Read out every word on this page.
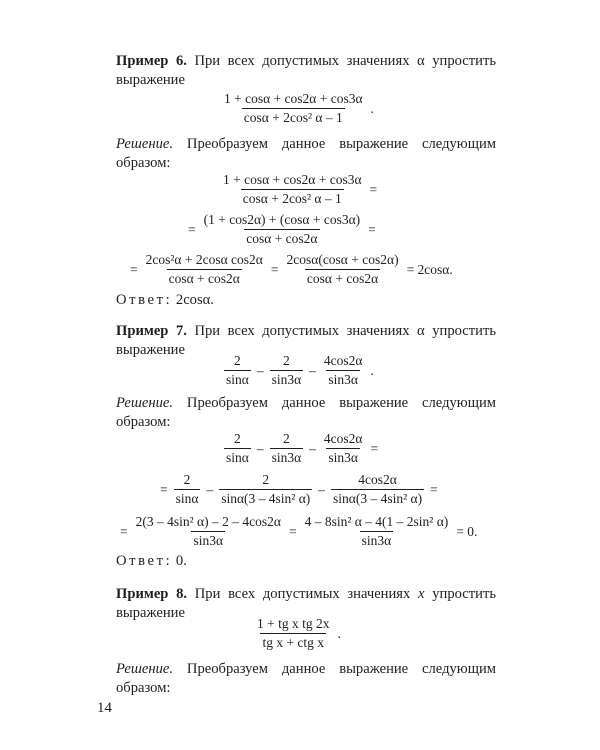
Пример 6. При всех допустимых значениях α упростить выражение
$\frac{1 + \cos\alpha + \cos 2\alpha + \cos 3\alpha}{\text{cosα + 2cos² α – 1}}$ .
Решение. Преобразуем данное выражение следующим образом:
$\frac{1 + \cos\alpha + \cos 2\alpha + \cos 3\alpha}{\text{cosα + 2cos² α – 1}}$ =
= $\frac{(1 + \cos 2\alpha) + (\cos\alpha + \cos 3\alpha)}{\cos\alpha + \cos 2\alpha}$ =
= $\frac{\text{2cos²α + 2cosα cos2α}}{\cos\alpha + \cos 2\alpha} = \frac{2\cos\alpha(\cos\alpha + \cos 2\alpha)}{\cos\alpha + \cos 2\alpha} = 2\cos\alpha$.
Ответ: 2cosα.
Пример 7. При всех допустимых значениях α упростить выражение
$\frac{2}{\sin\alpha} - \frac{2}{\sin 3\alpha} - \frac{4\cos 2\alpha}{\sin 3\alpha}$ .
Решение. Преобразуем данное выражение следующим образом:
$\frac{2}{\sin\alpha} - \frac{2}{\sin 3\alpha} - \frac{4\cos 2\alpha}{\sin 3\alpha}$ =
= $\frac{2}{\sin\alpha} - \frac{2}{\text{sinα(3 – 4sin² α)}} - \frac{4\cos 2\alpha}{\text{sinα(3 – 4sin² α)}}$ =
= $\frac{\text{2(3 – 4sin² α) – 2 – 4cos2α}}{\sin 3\alpha} = \frac{\text{4 – 8sin² α – 4(1 – 2sin² α)}}{\sin 3\alpha} = 0$.
Ответ: 0.
Пример 8. При всех допустимых значениях x упростить выражение
$\frac{\text{1 + tg x tg 2x}}{\text{tg x + ctg x}}$ .
Решение. Преобразуем данное выражение следующим образом:
14
